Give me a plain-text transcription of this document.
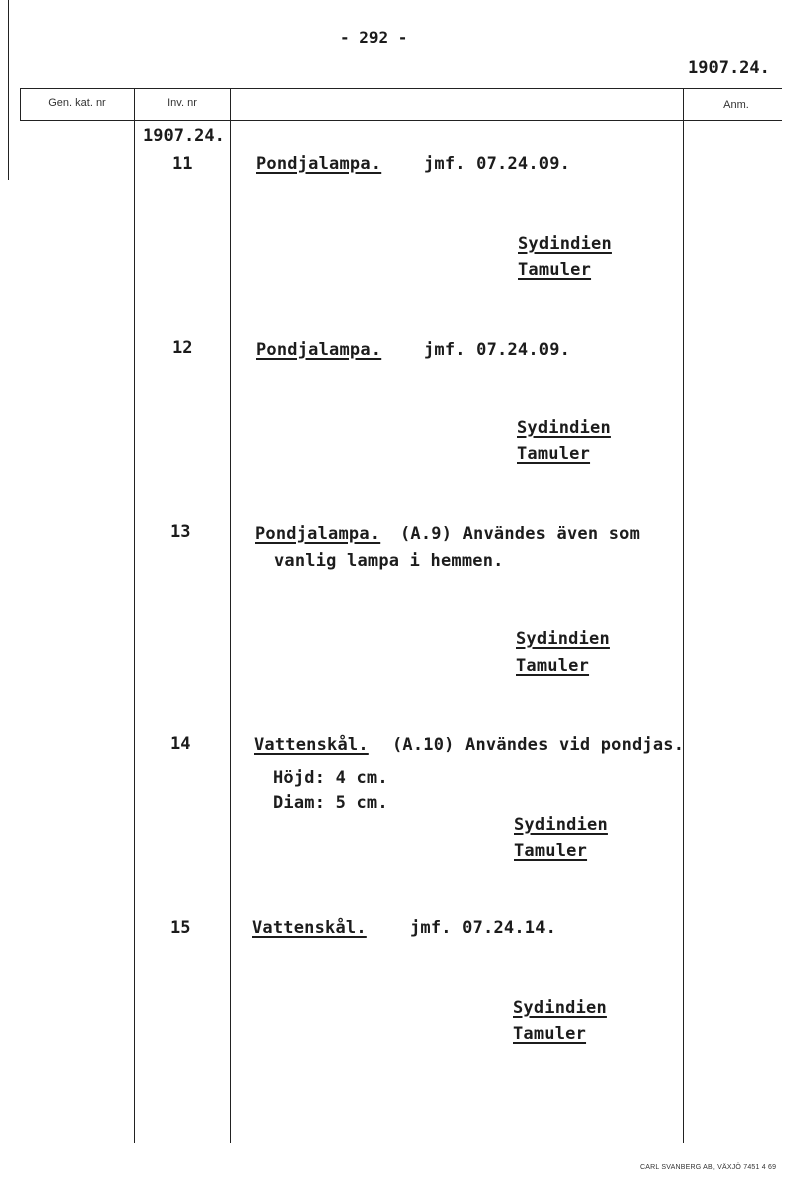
- 292 -
1907.24.
Gen. kat. nr	Inv. nr	Anm.
1907.24.
11	Pondjalampa.	jmf. 07.24.09.
Sydindien
Tamuler
12	Pondjalampa.	jmf. 07.24.09.
Sydindien
Tamuler
13	Pondjalampa. (A.9) Användes även som
vanlig lampa i hemmen.
Sydindien
Tamuler
14	Vattenskål. (A.10) Användes vid pondjas.
Höjd: 4 cm.
Diam: 5 cm.
Sydindien
Tamuler
15	Vattenskål.	jmf. 07.24.14.
Sydindien
Tamuler
CARL SVANBERG AB, VÄXJÖ 7451 4 69
